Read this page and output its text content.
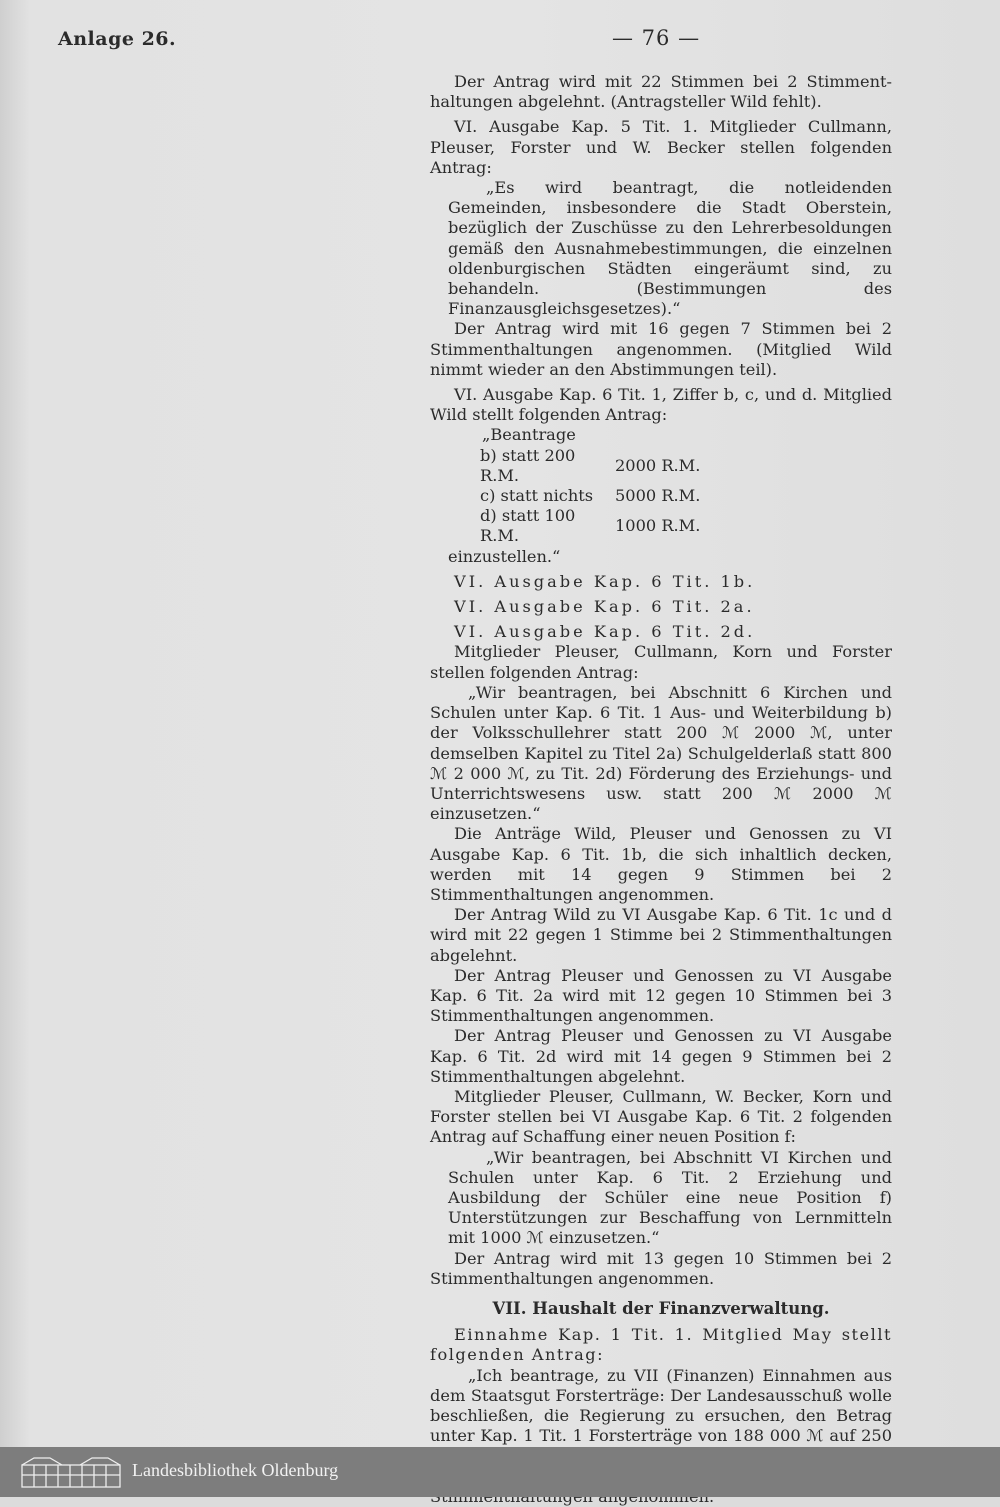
Anlage 26.	— 76 —

Der Antrag wird mit 22 Stimmen bei 2 Stimment-haltungen abgelehnt. (Antragsteller Wild fehlt).

VI. Ausgabe Kap. 5 Tit. 1. Mitglieder Cullmann, Pleuser, Forster und W. Becker stellen folgenden Antrag:

„Es wird beantragt, die notleidenden Gemeinden, insbesondere die Stadt Oberstein, bezüglich der Zuschüsse zu den Lehrerbesoldungen gemäß den Ausnahmebestimmungen, die einzelnen oldenburgischen Städten eingeräumt sind, zu behandeln. (Bestimmungen des Finanzausgleichsgesetzes).“

Der Antrag wird mit 16 gegen 7 Stimmen bei 2 Stimmenthaltungen angenommen. (Mitglied Wild nimmt wieder an den Abstimmungen teil).

VI. Ausgabe Kap. 6 Tit. 1, Ziffer b, c, und d. Mitglied Wild stellt folgenden Antrag:

„Beantrage

b) statt 200 R.M.	2000 R.M.
c) statt nichts	5000 R.M.
d) statt 100 R.M.	1000 R.M.

einzustellen.“

VI. Ausgabe Kap. 6 Tit. 1b.

VI. Ausgabe Kap. 6 Tit. 2a.

VI. Ausgabe Kap. 6 Tit. 2d.

Mitglieder Pleuser, Cullmann, Korn und Forster stellen folgenden Antrag:

„Wir beantragen, bei Abschnitt 6 Kirchen und Schulen unter Kap. 6 Tit. 1 Aus- und Weiterbildung b) der Volksschullehrer statt 200 ℳ 2000 ℳ, unter demselben Kapitel zu Titel 2a) Schulgelderlaß statt 800 ℳ 2 000 ℳ, zu Tit. 2d) Förderung des Erziehungs- und Unterrichtswesens usw. statt 200 ℳ 2000 ℳ einzusetzen.“

Die Anträge Wild, Pleuser und Genossen zu VI Ausgabe Kap. 6 Tit. 1b, die sich inhaltlich decken, werden mit 14 gegen 9 Stimmen bei 2 Stimmenthaltungen angenommen.

Der Antrag Wild zu VI Ausgabe Kap. 6 Tit. 1c und d wird mit 22 gegen 1 Stimme bei 2 Stimmenthaltungen abgelehnt.

Der Antrag Pleuser und Genossen zu VI Ausgabe Kap. 6 Tit. 2a wird mit 12 gegen 10 Stimmen bei 3 Stimmenthaltungen angenommen.

Der Antrag Pleuser und Genossen zu VI Ausgabe Kap. 6 Tit. 2d wird mit 14 gegen 9 Stimmen bei 2 Stimmenthaltungen abgelehnt.

Mitglieder Pleuser, Cullmann, W. Becker, Korn und Forster stellen bei VI Ausgabe Kap. 6 Tit. 2 folgenden Antrag auf Schaffung einer neuen Position f:

„Wir beantragen, bei Abschnitt VI Kirchen und Schulen unter Kap. 6 Tit. 2 Erziehung und Ausbildung der Schüler eine neue Position f) Unterstützungen zur Beschaffung von Lernmitteln mit 1000 ℳ einzusetzen.“

Der Antrag wird mit 13 gegen 10 Stimmen bei 2 Stimmenthaltungen angenommen.

VII. Haushalt der Finanzverwaltung.

Einnahme Kap. 1 Tit. 1. Mitglied May stellt folgenden Antrag:

„Ich beantrage, zu VII (Finanzen) Einnahmen aus dem Staatsgut Forsterträge: Der Landesausschuß wolle beschließen, die Regierung zu ersuchen, den Betrag unter Kap. 1 Tit. 1 Forsterträge von 188 000 ℳ auf 250

Landesbibliothek Oldenburg
